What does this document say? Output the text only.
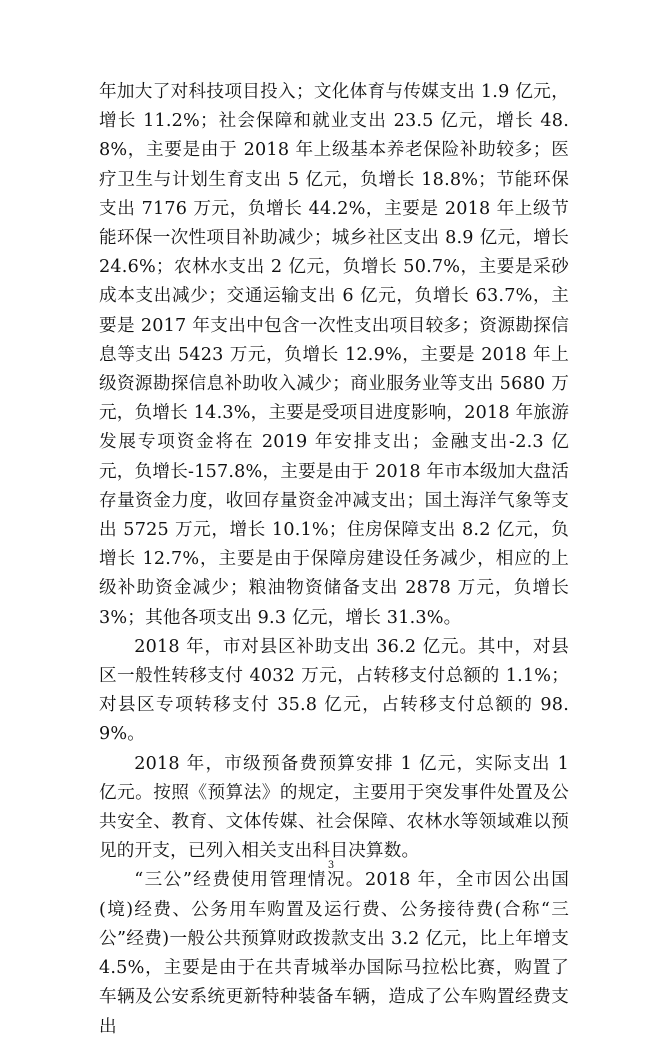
年加大了对科技项目投入；文化体育与传媒支出 1.9 亿元，增长 11.2%；社会保障和就业支出 23.5 亿元，增长 48.8%，主要是由于 2018 年上级基本养老保险补助较多；医疗卫生与计划生育支出 5 亿元，负增长 18.8%；节能环保支出 7176 万元，负增长 44.2%，主要是 2018 年上级节能环保一次性项目补助减少；城乡社区支出 8.9 亿元，增长 24.6%；农林水支出 2 亿元，负增长 50.7%，主要是采砂成本支出减少；交通运输支出 6 亿元，负增长 63.7%，主要是 2017 年支出中包含一次性支出项目较多；资源勘探信息等支出 5423 万元，负增长 12.9%，主要是 2018 年上级资源勘探信息补助收入减少；商业服务业等支出 5680 万元，负增长 14.3%，主要是受项目进度影响，2018 年旅游发展专项资金将在 2019 年安排支出；金融支出-2.3 亿元，负增长-157.8%，主要是由于 2018 年市本级加大盘活存量资金力度，收回存量资金冲减支出；国土海洋气象等支出 5725 万元，增长 10.1%；住房保障支出 8.2 亿元，负增长 12.7%，主要是由于保障房建设任务减少，相应的上级补助资金减少；粮油物资储备支出 2878 万元，负增长 3%；其他各项支出 9.3 亿元，增长 31.3%。

2018 年，市对县区补助支出 36.2 亿元。其中，对县区一般性转移支付 4032 万元，占转移支付总额的 1.1%；对县区专项转移支付 35.8 亿元，占转移支付总额的 98.9%。

2018 年，市级预备费预算安排 1 亿元，实际支出 1 亿元。按照《预算法》的规定，主要用于突发事件处置及公共安全、教育、文体传媒、社会保障、农林水等领域难以预见的开支，已列入相关支出科目决算数。

“三公”经费使用管理情况。2018 年，全市因公出国(境)经费、公务用车购置及运行费、公务接待费(合称“三公”经费)一般公共预算财政拨款支出 3.2 亿元，比上年增支 4.5%，主要是由于在共青城举办国际马拉松比赛，购置了车辆及公安系统更新特种装备车辆，造成了公车购置经费支出

3
